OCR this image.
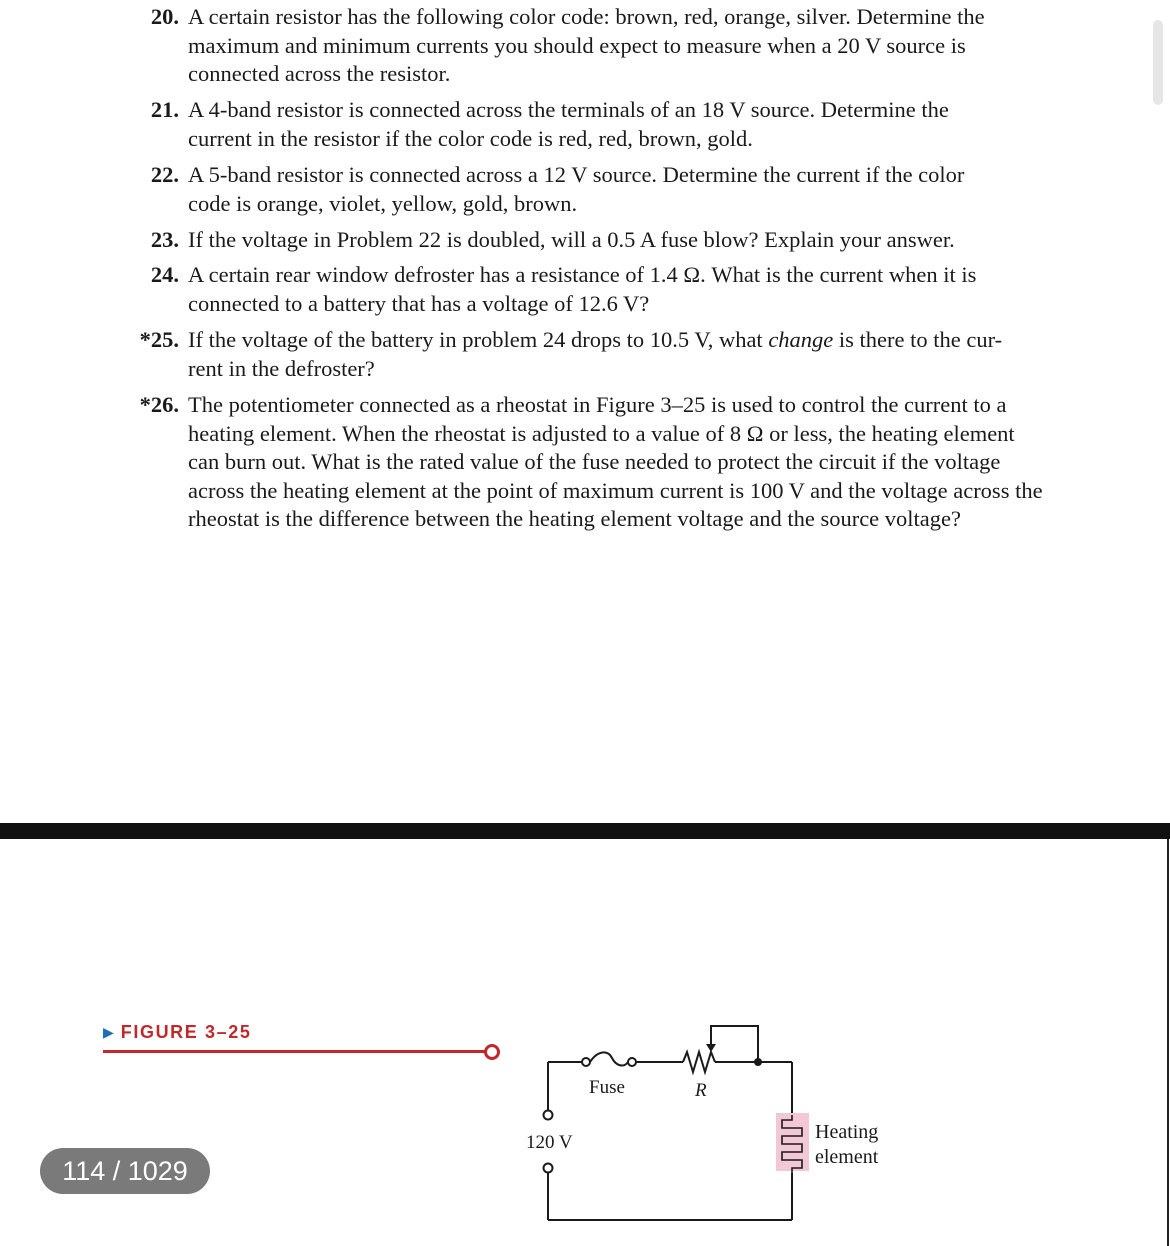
20. A certain resistor has the following color code: brown, red, orange, silver. Determine the
maximum and minimum currents you should expect to measure when a 20 V source is
connected across the resistor.
21. A 4-band resistor is connected across the terminals of an 18 V source. Determine the
current in the resistor if the color code is red, red, brown, gold.
22. A 5-band resistor is connected across a 12 V source. Determine the current if the color
code is orange, violet, yellow, gold, brown.
23. If the voltage in Problem 22 is doubled, will a 0.5 A fuse blow? Explain your answer.
24. A certain rear window defroster has a resistance of 1.4 Ω. What is the current when it is
connected to a battery that has a voltage of 12.6 V?
*25. If the voltage of the battery in problem 24 drops to 10.5 V, what change is there to the cur-
rent in the defroster?
*26. The potentiometer connected as a rheostat in Figure 3–25 is used to control the current to a
heating element. When the rheostat is adjusted to a value of 8 Ω or less, the heating element
can burn out. What is the rated value of the fuse needed to protect the circuit if the voltage
across the heating element at the point of maximum current is 100 V and the voltage across the
rheostat is the difference between the heating element voltage and the source voltage?
▶ FIGURE 3–25
Fuse	R
120 V	Heating
element
114 / 1029
